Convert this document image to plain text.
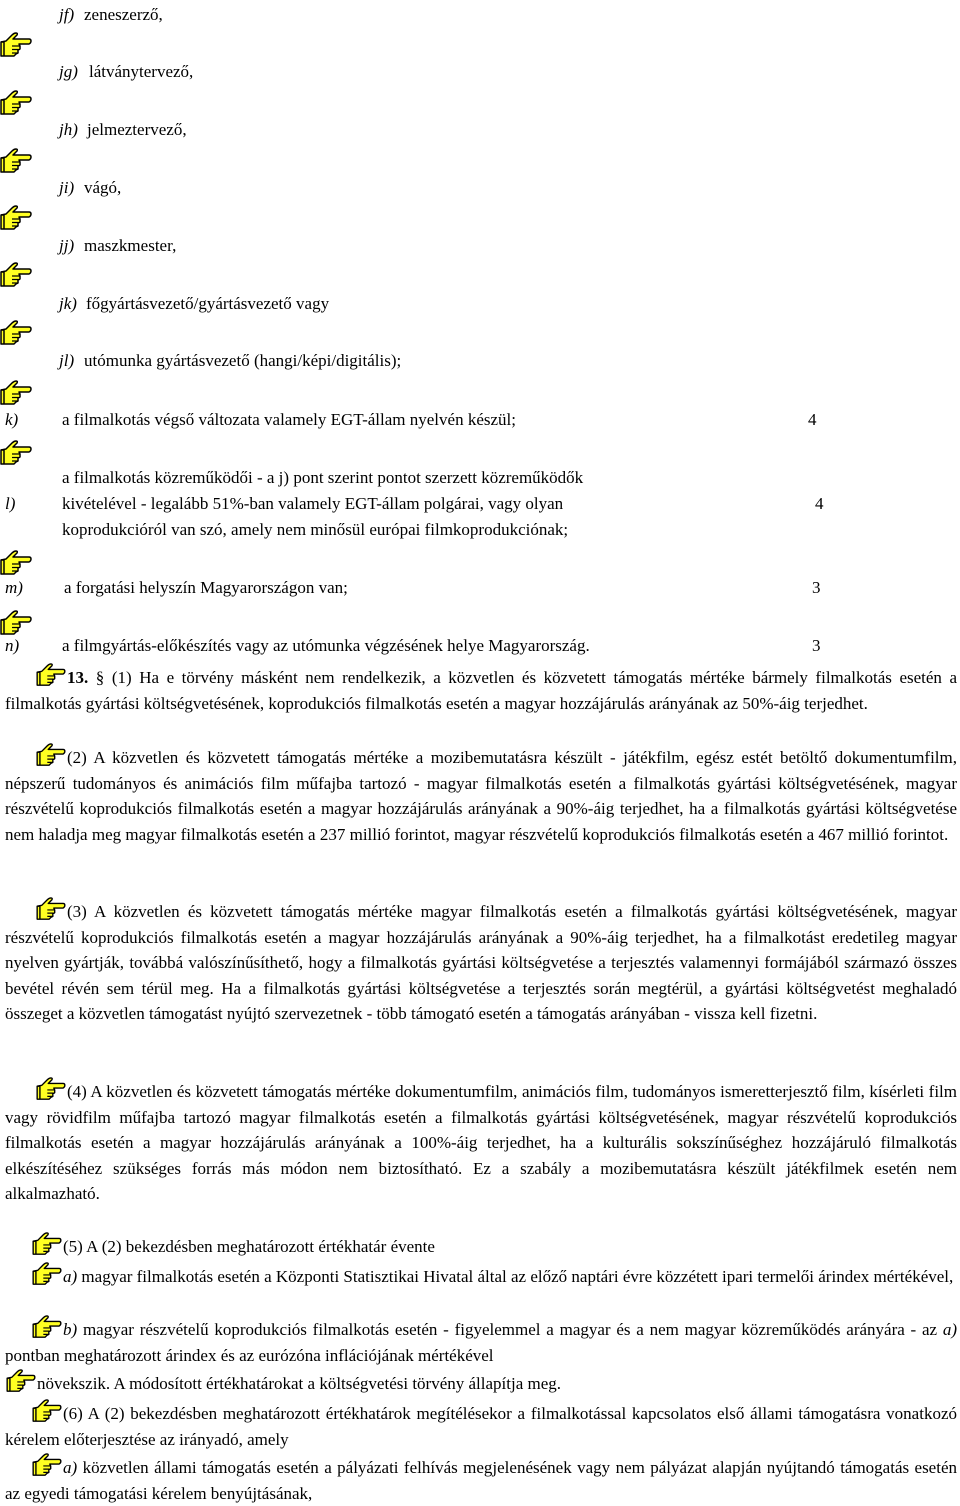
jf) zeneszerző,
jg) látványtervező,
jh) jelmeztervező,
ji) vágó,
jj) maszkmester,
jk) főgyártásvezető/gyártásvezető vagy
jl) utómunka gyártásvezető (hangi/képi/digitális);
k)	a filmalkotás végső változata valamely EGT-állam nyelvén készül;	4
a filmalkotás közreműködői - a j) pont szerint pontot szerzett közreműködők
l)	kivételével - legalább 51%-ban valamely EGT-állam polgárai, vagy olyan	4
koprodukcióról van szó, amely nem minősül európai filmkoprodukciónak;
m) a forgatási helyszín Magyarországon van;	3
n)	a filmgyártás-előkészítés vagy az utómunka végzésének helye Magyarország.	3
13. § (1) Ha e törvény másként nem rendelkezik, a közvetlen és közvetett támogatás mértéke bármely filmalkotás esetén a filmalkotás gyártási költségvetésének, koprodukciós filmalkotás esetén a magyar hozzájárulás arányának az 50%-áig terjedhet.
(2) A közvetlen és közvetett támogatás mértéke a mozibemutatásra készült - játékfilm, egész estét betöltő dokumentumfilm, népszerű tudományos és animációs film műfajba tartozó - magyar filmalkotás esetén a filmalkotás gyártási költségvetésének, magyar részvételű koprodukciós filmalkotás esetén a magyar hozzájárulás arányának a 90%-áig terjedhet, ha a filmalkotás gyártási költségvetése nem haladja meg magyar filmalkotás esetén a 237 millió forintot, magyar részvételű koprodukciós filmalkotás esetén a 467 millió forintot.
(3) A közvetlen és közvetett támogatás mértéke magyar filmalkotás esetén a filmalkotás gyártási költségvetésének, magyar részvételű koprodukciós filmalkotás esetén a magyar hozzájárulás arányának a 90%-áig terjedhet, ha a filmalkotást eredetileg magyar nyelven gyártják, továbbá valószínűsíthető, hogy a filmalkotás gyártási költségvetése a terjesztés valamennyi formájából származó összes bevétel révén sem térül meg. Ha a filmalkotás gyártási költségvetése a terjesztés során megtérül, a gyártási költségvetést meghaladó összeget a közvetlen támogatást nyújtó szervezetnek - több támogató esetén a támogatás arányában - vissza kell fizetni.
(4) A közvetlen és közvetett támogatás mértéke dokumentumfilm, animációs film, tudományos ismeretterjesztő film, kísérleti film vagy rövidfilm műfajba tartozó magyar filmalkotás esetén a filmalkotás gyártási költségvetésének, magyar részvételű koprodukciós filmalkotás esetén a magyar hozzájárulás arányának a 100%-áig terjedhet, ha a kulturális sokszínűséghez hozzájáruló filmalkotás elkészítéséhez szükséges forrás más módon nem biztosítható. Ez a szabály a mozibemutatásra készült játékfilmek esetén nem alkalmazható.
(5) A (2) bekezdésben meghatározott értékhatár évente
a) magyar filmalkotás esetén a Központi Statisztikai Hivatal által az előző naptári évre közzétett ipari termelői árindex mértékével,
b) magyar részvételű koprodukciós filmalkotás esetén - figyelemmel a magyar és a nem magyar közreműködés arányára - az a) pontban meghatározott árindex és az eurózóna inflációjának mértékével
növekszik. A módosított értékhatárokat a költségvetési törvény állapítja meg.
(6) A (2) bekezdésben meghatározott értékhatárok megítélésekor a filmalkotással kapcsolatos első állami támogatásra vonatkozó kérelem előterjesztése az irányadó, amely
a) közvetlen állami támogatás esetén a pályázati felhívás megjelenésének vagy nem pályázat alapján nyújtandó támogatás esetén az egyedi támogatási kérelem benyújtásának,
